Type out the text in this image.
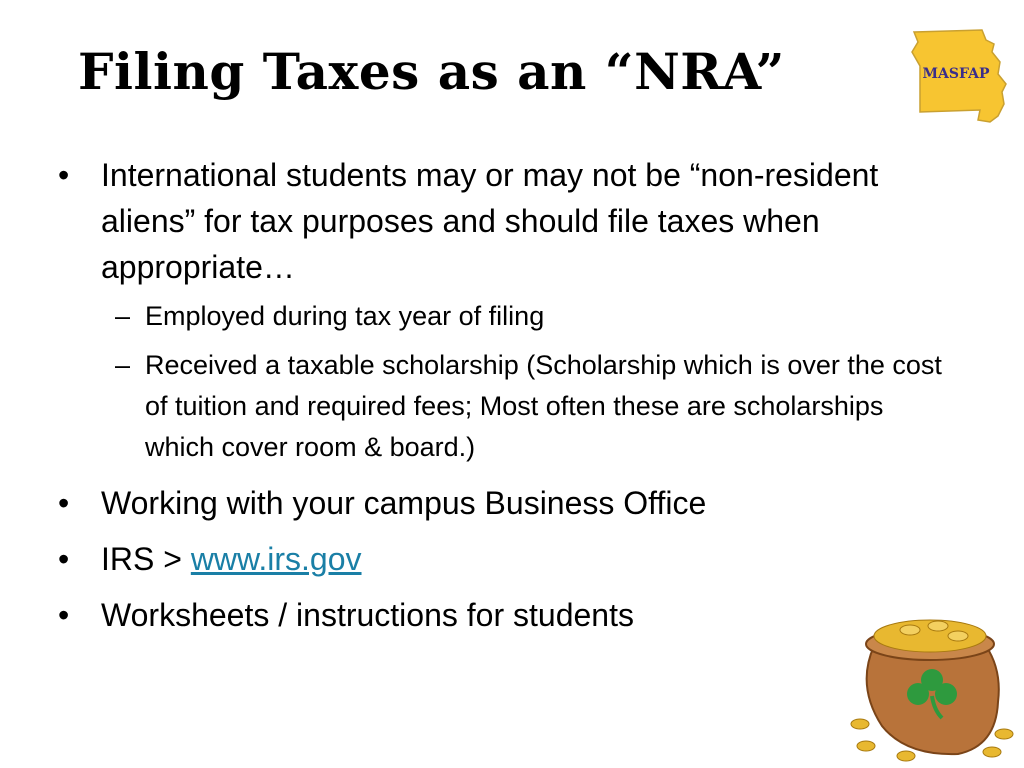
Filing Taxes as an “NRA”	MASFAP
• International students may or may not be “non-resident aliens” for tax purposes and should file taxes when appropriate…
– Employed during tax year of filing
– Received a taxable scholarship (Scholarship which is over the cost of tuition and required fees; Most often these are scholarships which cover room & board.)
• Working with your campus Business Office
• IRS > www.irs.gov
• Worksheets / instructions for students
